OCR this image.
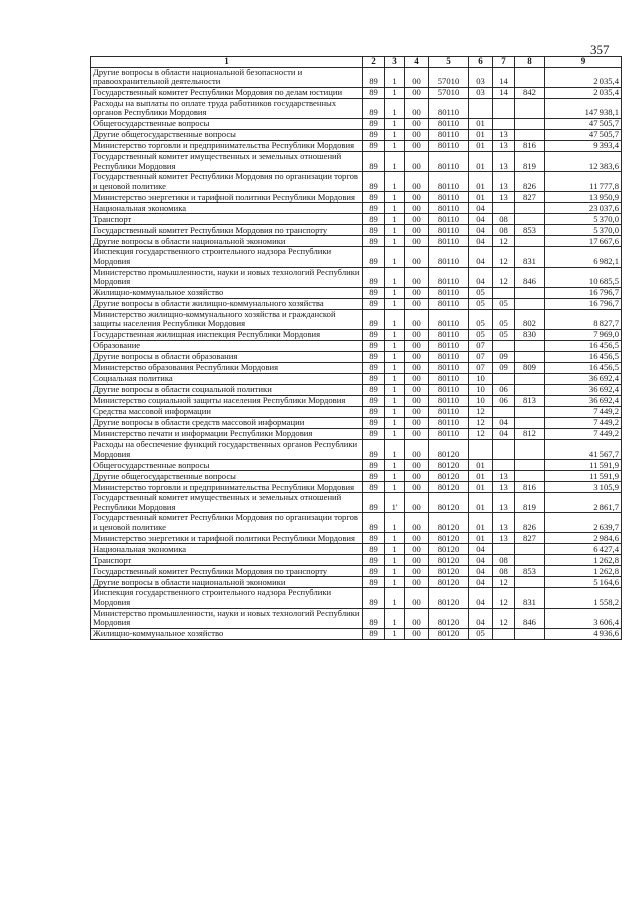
357
1	2	3	4	5	6	7	8	9
Другие вопросы в области национальной безопасности и правоохранительной деятельности	89	1	00	57010	03	14		2 035,4
Государственный комитет Республики Мордовия по делам юстиции	89	1	00	57010	03	14	842	2 035,4
Расходы на выплаты по оплате труда работников государственных органов Республики Мордовия	89	1	00	80110				147 938,1
Общегосударственные вопросы	89	1	00	80110	01			47 505,7
Другие общегосударственные вопросы	89	1	00	80110	01	13		47 505,7
Министерство торговли и предпринимательства Республики Мордовия	89	1	00	80110	01	13	816	9 393,4
Государственный комитет имущественных и земельных отношений Республики Мордовия	89	1	00	80110	01	13	819	12 383,6
Государственный комитет Республики Мордовия по организации торгов и ценовой политике	89	1	00	80110	01	13	826	11 777,8
Министерство энергетики и тарифной политики Республики Мордовия	89	1	00	80110	01	13	827	13 950,9
Национальная экономика	89	1	00	80110	04			23 037,6
Транспорт	89	1	00	80110	04	08		5 370,0
Государственный комитет Республики Мордовия по транспорту	89	1	00	80110	04	08	853	5 370,0
Другие вопросы в области национальной экономики	89	1	00	80110	04	12		17 667,6
Инспекция государственного строительного надзора Республики Мордовия	89	1	00	80110	04	12	831	6 982,1
Министерство промышленности, науки и новых технологий Республики Мордовия	89	1	00	80110	04	12	846	10 685,5
Жилищно-коммунальное хозяйство	89	1	00	80110	05			16 796,7
Другие вопросы в области жилищно-коммунального хозяйства	89	1	00	80110	05	05		16 796,7
Министерство жилищно-коммунального хозяйства и гражданской защиты населения Республики Мордовия	89	1	00	80110	05	05	802	8 827,7
Государственная жилищная инспекция Республики Мордовия	89	1	00	80110	05	05	830	7 969,0
Образование	89	1	00	80110	07			16 456,5
Другие вопросы в области образования	89	1	00	80110	07	09		16 456,5
Министерство образования Республики Мордовия	89	1	00	80110	07	09	809	16 456,5
Социальная политика	89	1	00	80110	10			36 692,4
Другие вопросы в области социальной политики	89	1	00	80110	10	06		36 692,4
Министерство социальной защиты населения Республики Мордовия	89	1	00	80110	10	06	813	36 692,4
Средства массовой информации	89	1	00	80110	12			7 449,2
Другие вопросы в области средств массовой информации	89	1	00	80110	12	04		7 449,2
Министерство печати и информации Республики Мордовия	89	1	00	80110	12	04	812	7 449,2
Расходы на обеспечение функций государственных органов Республики Мордовия	89	1	00	80120				41 567,7
Общегосударственные вопросы	89	1	00	80120	01			11 591,9
Другие общегосударственные вопросы	89	1	00	80120	01	13		11 591,9
Министерство торговли и предпринимательства Республики Мордовия	89	1	00	80120	01	13	816	3 105,9
Государственный комитет имущественных и земельных отношений Республики Мордовия	89	1'	00	80120	01	13	819	2 861,7
Государственный комитет Республики Мордовия по организации торгов и ценовой политике	89	1	00	80120	01	13	826	2 639,7
Министерство энергетики и тарифной политики Республики Мордовия	89	1	00	80120	01	13	827	2 984,6
Национальная экономика	89	1	00	80120	04			6 427,4
Транспорт	89	1	00	80120	04	08		1 262,8
Государственный комитет Республики Мордовия по транспорту	89	1	00	80120	04	08	853	1 262,8
Другие вопросы в области национальной экономики	89	1	00	80120	04	12		5 164,6
Инспекция государственного строительного надзора Республики Мордовия	89	1	00	80120	04	12	831	1 558,2
Министерство промышленности, науки и новых технологий Республики Мордовия	89	1	00	80120	04	12	846	3 606,4
Жилищно-коммунальное хозяйство	89	1	00	80120	05			4 936,6
